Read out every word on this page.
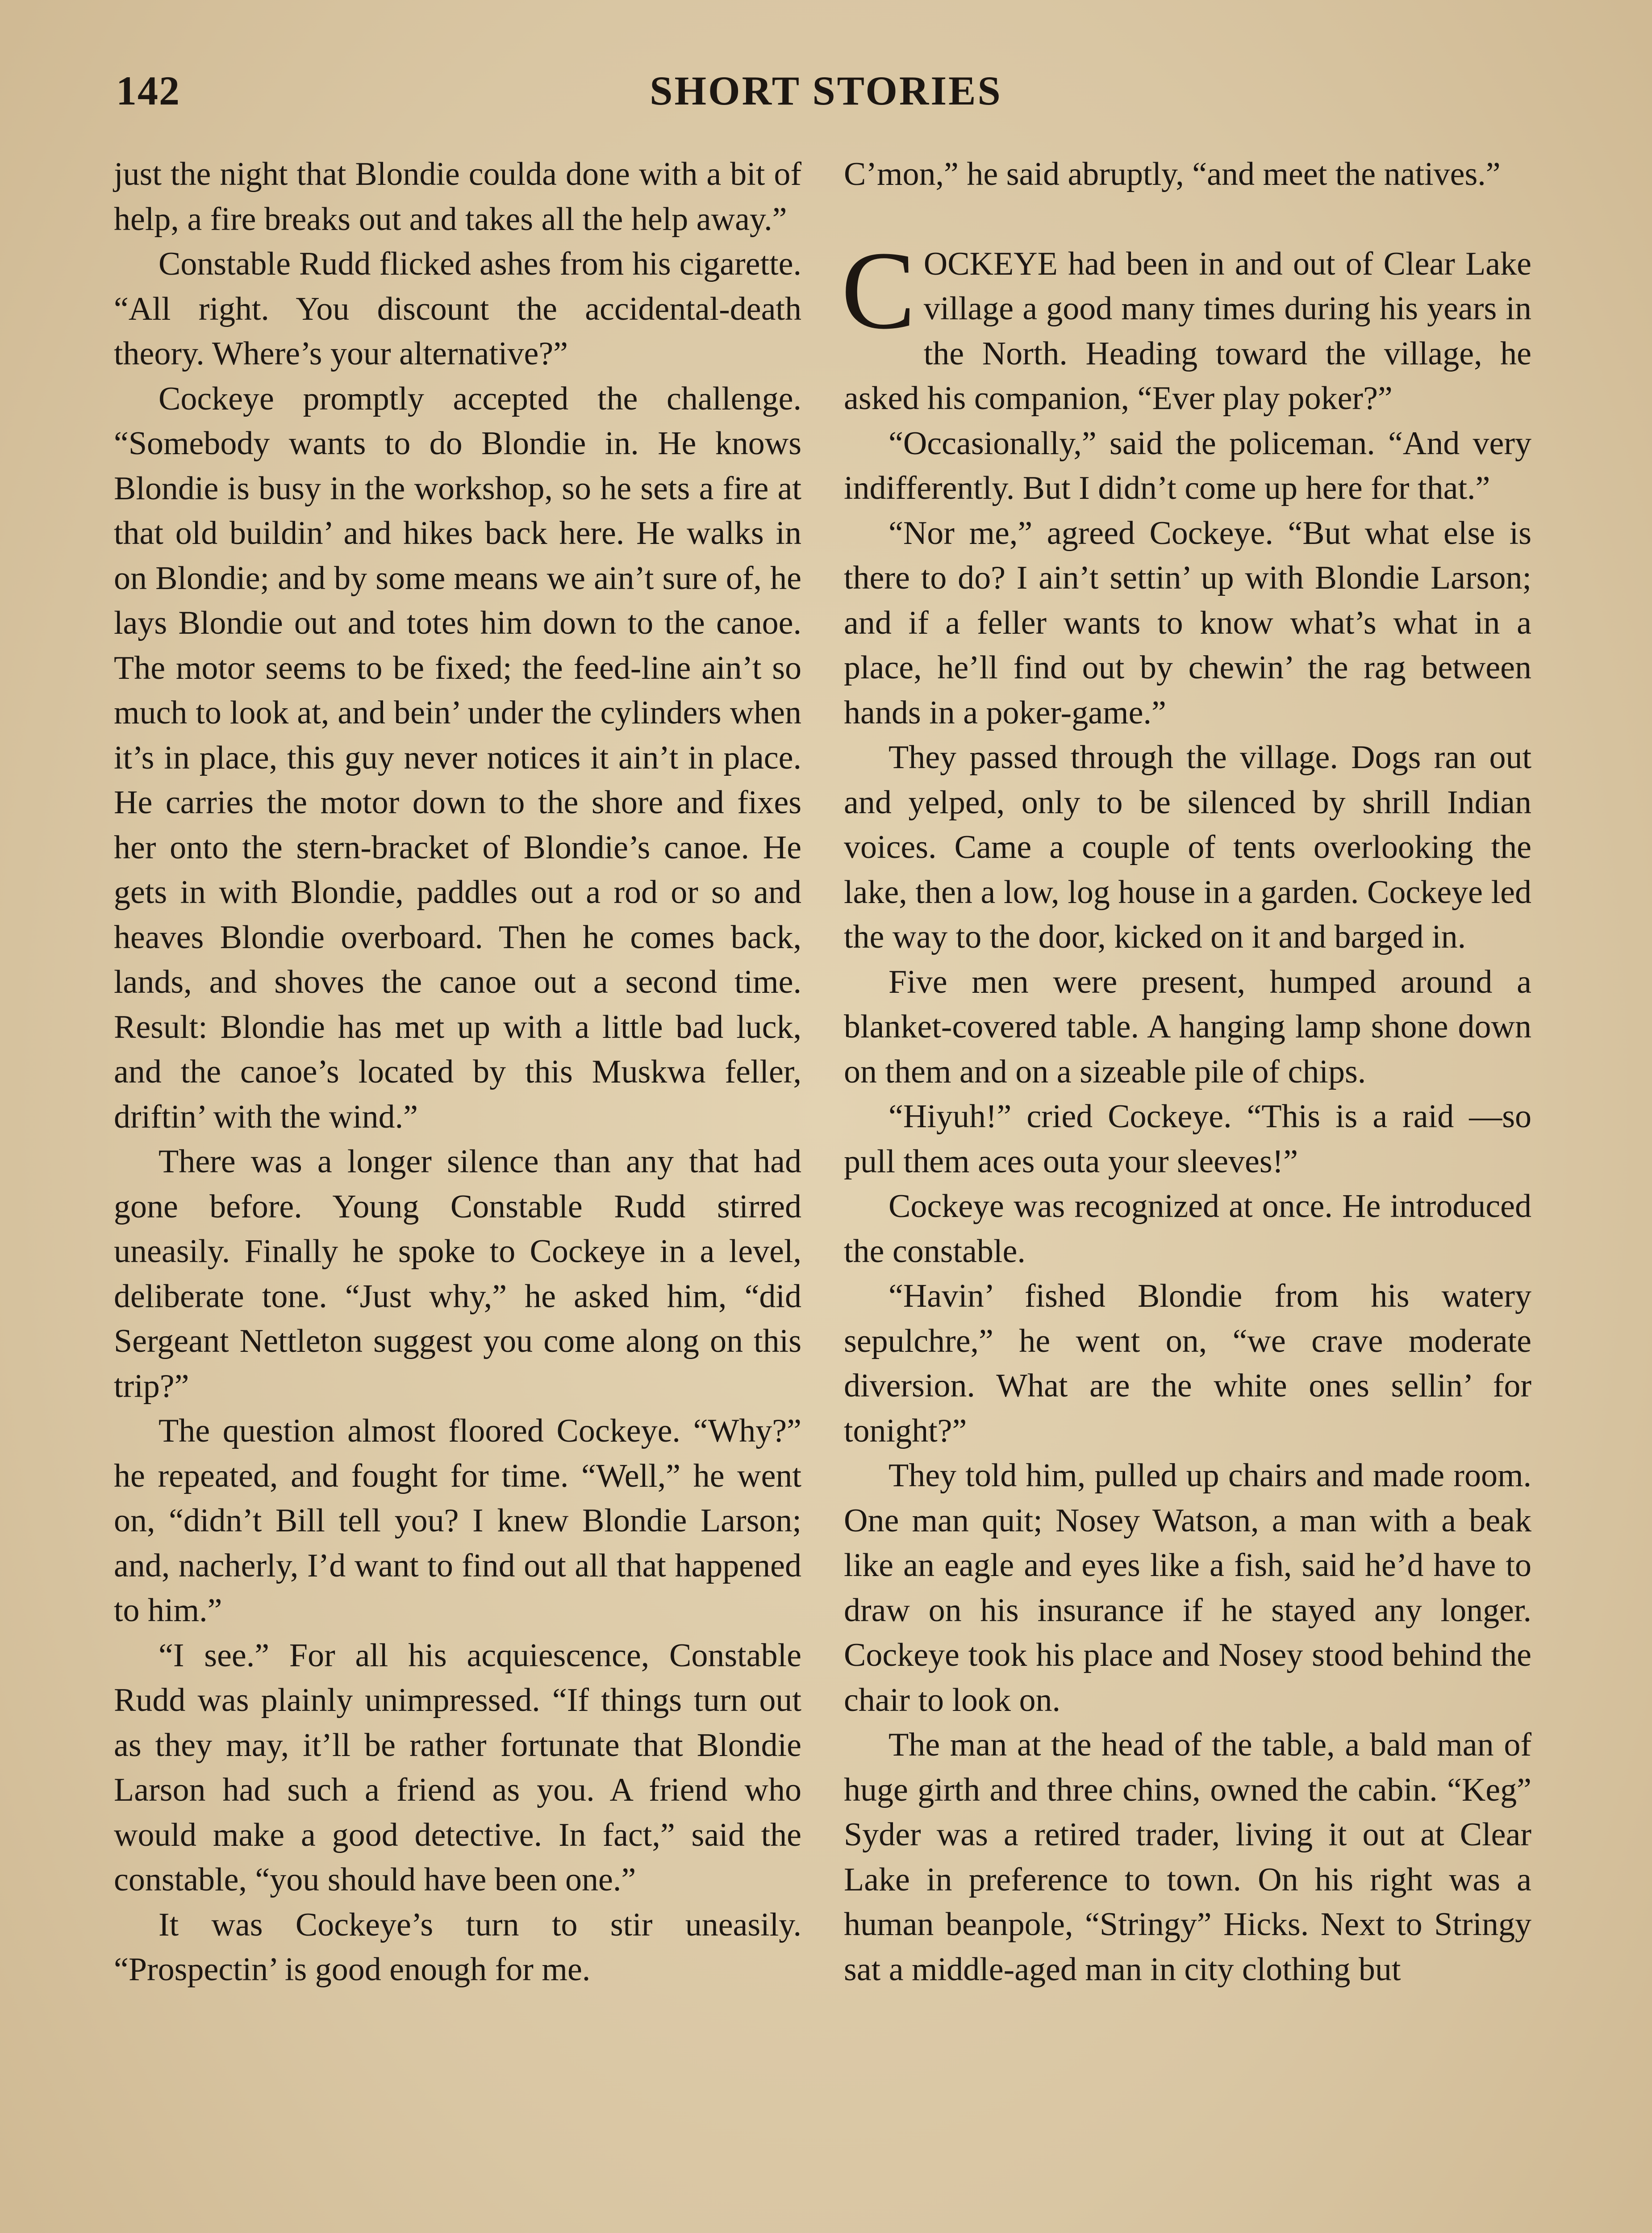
142	SHORT STORIES

just the night that Blondie coulda done with a bit of help, a fire breaks out and takes all the help away.”

Constable Rudd flicked ashes from his cigarette. “All right. You discount the accidental-death theory. Where’s your alternative?”

Cockeye promptly accepted the challenge. “Somebody wants to do Blondie in. He knows Blondie is busy in the workshop, so he sets a fire at that old buildin’ and hikes back here. He walks in on Blondie; and by some means we ain’t sure of, he lays Blondie out and totes him down to the canoe. The motor seems to be fixed; the feed-line ain’t so much to look at, and bein’ under the cylinders when it’s in place, this guy never notices it ain’t in place. He carries the motor down to the shore and fixes her onto the stern-bracket of Blondie’s canoe. He gets in with Blondie, paddles out a rod or so and heaves Blondie overboard. Then he comes back, lands, and shoves the canoe out a second time. Result: Blondie has met up with a little bad luck, and the canoe’s located by this Muskwa feller, driftin’ with the wind.”

There was a longer silence than any that had gone before. Young Constable Rudd stirred uneasily. Finally he spoke to Cockeye in a level, deliberate tone. “Just why,” he asked him, “did Sergeant Nettleton suggest you come along on this trip?”

The question almost floored Cockeye. “Why?” he repeated, and fought for time. “Well,” he went on, “didn’t Bill tell you? I knew Blondie Larson; and, nacherly, I’d want to find out all that happened to him.”

“I see.” For all his acquiescence, Constable Rudd was plainly unimpressed. “If things turn out as they may, it’ll be rather fortunate that Blondie Larson had such a friend as you. A friend who would make a good detective. In fact,” said the constable, “you should have been one.”

It was Cockeye’s turn to stir uneasily. “Prospectin’ is good enough for me.

C’mon,” he said abruptly, “and meet the natives.”

COCKEYE had been in and out of Clear Lake village a good many times during his years in the North. Heading toward the village, he asked his companion, “Ever play poker?”

“Occasionally,” said the policeman. “And very indifferently. But I didn’t come up here for that.”

“Nor me,” agreed Cockeye. “But what else is there to do? I ain’t settin’ up with Blondie Larson; and if a feller wants to know what’s what in a place, he’ll find out by chewin’ the rag between hands in a poker-game.”

They passed through the village. Dogs ran out and yelped, only to be silenced by shrill Indian voices. Came a couple of tents overlooking the lake, then a low, log house in a garden. Cockeye led the way to the door, kicked on it and barged in.

Five men were present, humped around a blanket-covered table. A hanging lamp shone down on them and on a sizeable pile of chips.

“Hiyuh!” cried Cockeye. “This is a raid —so pull them aces outa your sleeves!”

Cockeye was recognized at once. He introduced the constable.

“Havin’ fished Blondie from his watery sepulchre,” he went on, “we crave moderate diversion. What are the white ones sellin’ for tonight?”

They told him, pulled up chairs and made room. One man quit; Nosey Watson, a man with a beak like an eagle and eyes like a fish, said he’d have to draw on his insurance if he stayed any longer. Cockeye took his place and Nosey stood behind the chair to look on.

The man at the head of the table, a bald man of huge girth and three chins, owned the cabin. “Keg” Syder was a retired trader, living it out at Clear Lake in preference to town. On his right was a human beanpole, “Stringy” Hicks. Next to Stringy sat a middle-aged man in city clothing but
